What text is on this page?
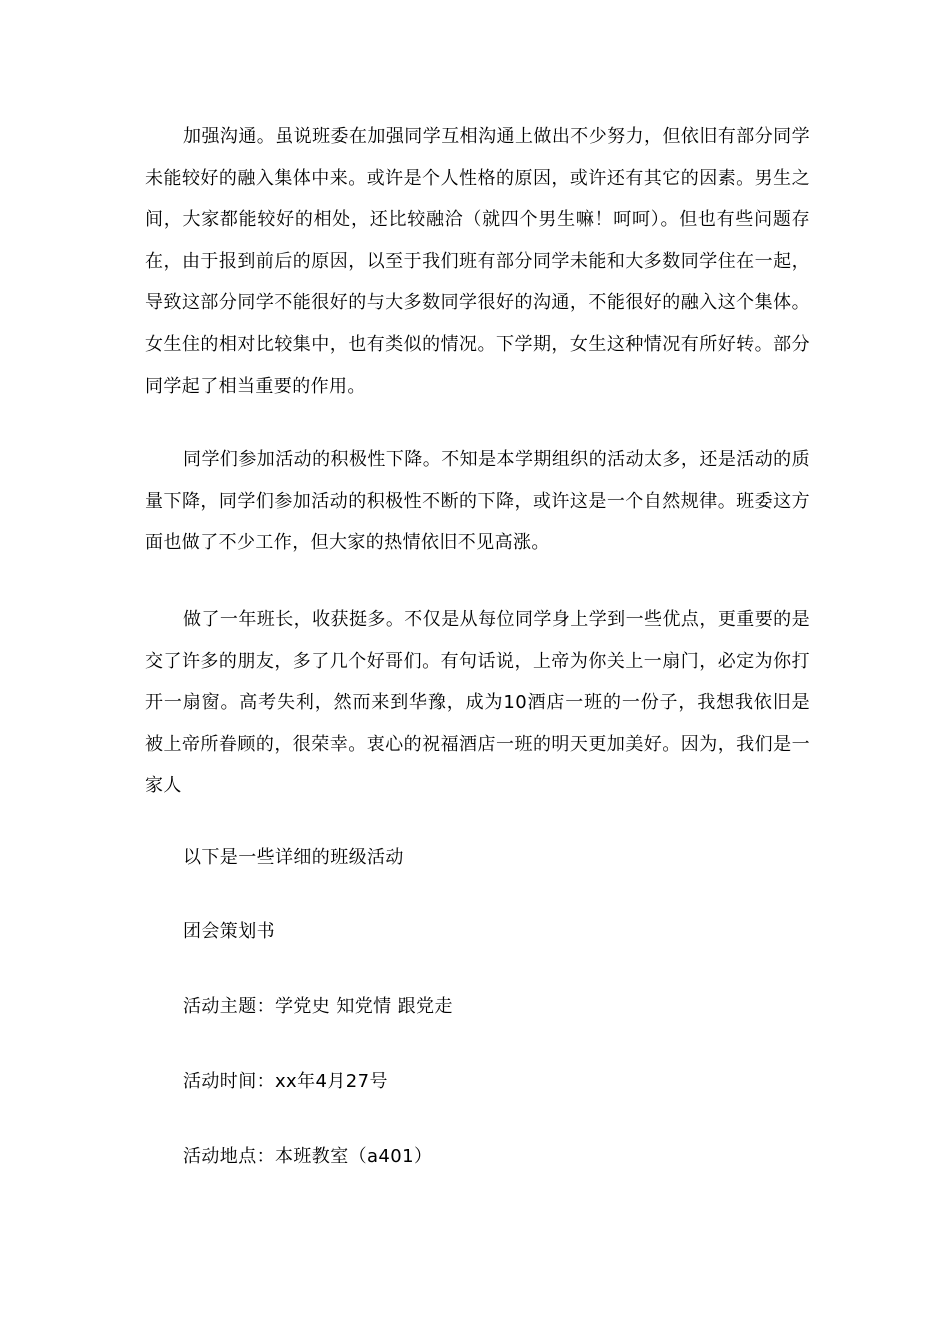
加强沟通。虽说班委在加强同学互相沟通上做出不少努力，但依旧有部分同学未能较好的融入集体中来。或许是个人性格的原因，或许还有其它的因素。男生之间，大家都能较好的相处，还比较融洽（就四个男生嘛！呵呵）。但也有些问题存在，由于报到前后的原因，以至于我们班有部分同学未能和大多数同学住在一起，导致这部分同学不能很好的与大多数同学很好的沟通，不能很好的融入这个集体。女生住的相对比较集中，也有类似的情况。下学期，女生这种情况有所好转。部分同学起了相当重要的作用。

同学们参加活动的积极性下降。不知是本学期组织的活动太多，还是活动的质量下降，同学们参加活动的积极性不断的下降，或许这是一个自然规律。班委这方面也做了不少工作，但大家的热情依旧不见高涨。

做了一年班长，收获挺多。不仅是从每位同学身上学到一些优点，更重要的是交了许多的朋友，多了几个好哥们。有句话说，上帝为你关上一扇门，必定为你打开一扇窗。高考失利，然而来到华豫，成为10酒店一班的一份子，我想我依旧是被上帝所眷顾的，很荣幸。衷心的祝福酒店一班的明天更加美好。因为，我们是一家人

以下是一些详细的班级活动

团会策划书

活动主题：学党史 知党情 跟党走

活动时间：xx年4月27号

活动地点：本班教室（a401）
